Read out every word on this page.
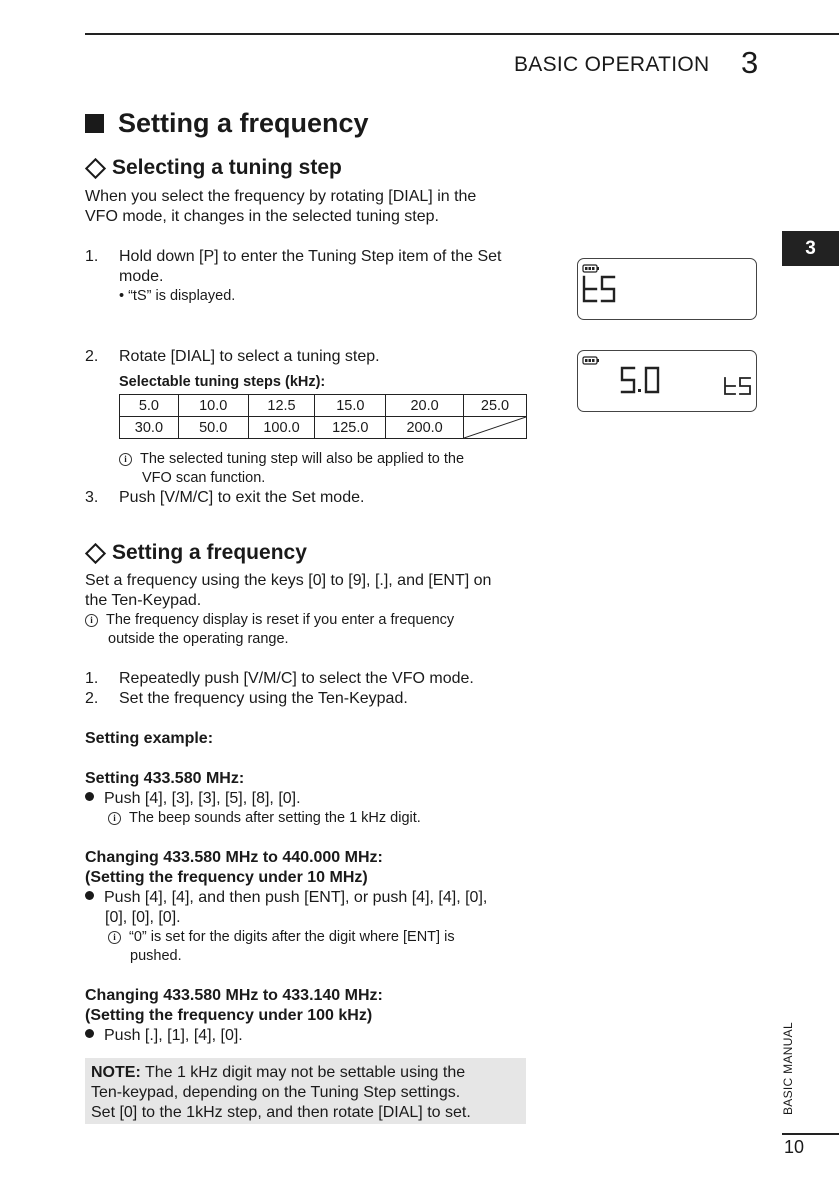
BASIC OPERATION 3
3
BASIC MANUAL
10
Setting a frequency
Selecting a tuning step
When you select the frequency by rotating [DIAL] in the
VFO mode, it changes in the selected tuning step.
1. Hold down [P] to enter the Tuning Step item of the Set
mode.
• “tS” is displayed.
2. Rotate [DIAL] to select a tuning step.
Selectable tuning steps (kHz):
5.0	10.0	12.5	15.0	20.0	25.0
30.0	50.0	100.0	125.0	200.0	
i The selected tuning step will also be applied to the
VFO scan function.
3. Push [V/M/C] to exit the Set mode.
Setting a frequency
Set a frequency using the keys [0] to [9], [.], and [ENT] on
the Ten-Keypad.
i The frequency display is reset if you enter a frequency
outside the operating range.
1. Repeatedly push [V/M/C] to select the VFO mode.
2. Set the frequency using the Ten-Keypad.
Setting example:
Setting 433.580 MHz:
Push [4], [3], [3], [5], [8], [0].
i The beep sounds after setting the 1 kHz digit.
Changing 433.580 MHz to 440.000 MHz:
(Setting the frequency under 10 MHz)
Push [4], [4], and then push [ENT], or push [4], [4], [0],
[0], [0], [0].
i “0” is set for the digits after the digit where [ENT] is
pushed.
Changing 433.580 MHz to 433.140 MHz:
(Setting the frequency under 100 kHz)
Push [.], [1], [4], [0].
NOTE: The 1 kHz digit may not be settable using the
Ten-keypad, depending on the Tuning Step settings.
Set [0] to the 1kHz step, and then rotate [DIAL] to set.
